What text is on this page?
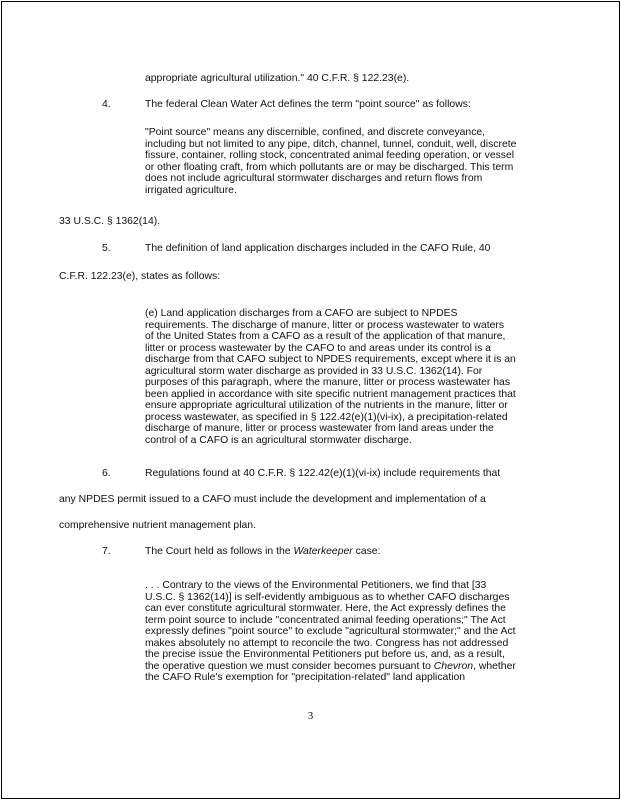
appropriate agricultural utilization." 40 C.F.R. § 122.23(e).
4.	The federal Clean Water Act defines the term "point source" as follows:
"Point source" means any discernible, confined, and discrete conveyance,
including but not limited to any pipe, ditch, channel, tunnel, conduit, well, discrete
fissure, container, rolling stock, concentrated animal feeding operation, or vessel
or other floating craft, from which pollutants are or may be discharged. This term
does not include agricultural stormwater discharges and return flows from
irrigated agriculture.
33 U.S.C. § 1362(14).
5.	The definition of land application discharges included in the CAFO Rule, 40
C.F.R. 122.23(e), states as follows:
(e) Land application discharges from a CAFO are subject to NPDES
requirements. The discharge of manure, litter or process wastewater to waters
of the United States from a CAFO as a result of the application of that manure,
litter or process wastewater by the CAFO to and areas under its control is a
discharge from that CAFO subject to NPDES requirements, except where it is an
agricultural storm water discharge as provided in 33 U.S.C. 1362(14). For
purposes of this paragraph, where the manure, litter or process wastewater has
been applied in accordance with site specific nutrient management practices that
ensure appropriate agricultural utilization of the nutrients in the manure, litter or
process wastewater, as specified in § 122.42(e)(1)(vi-ix), a precipitation-related
discharge of manure, litter or process wastewater from land areas under the
control of a CAFO is an agricultural stormwater discharge.
6.	Regulations found at 40 C.F.R. § 122.42(e)(1)(vi-ix) include requirements that
any NPDES permit issued to a CAFO must include the development and implementation of a
comprehensive nutrient management plan.
7.	The Court held as follows in the Waterkeeper case:
. . . Contrary to the views of the Environmental Petitioners, we find that [33
U.S.C. § 1362(14)] is self-evidently ambiguous as to whether CAFO discharges
can ever constitute agricultural stormwater. Here, the Act expressly defines the
term point source to include "concentrated animal feeding operations;" The Act
expressly defines "point source" to exclude "agricultural stormwater;" and the Act
makes absolutely no attempt to reconcile the two. Congress has not addressed
the precise issue the Environmental Petitioners put before us, and, as a result,
the operative question we must consider becomes pursuant to Chevron, whether
the CAFO Rule's exemption for "precipitation-related" land application
3
